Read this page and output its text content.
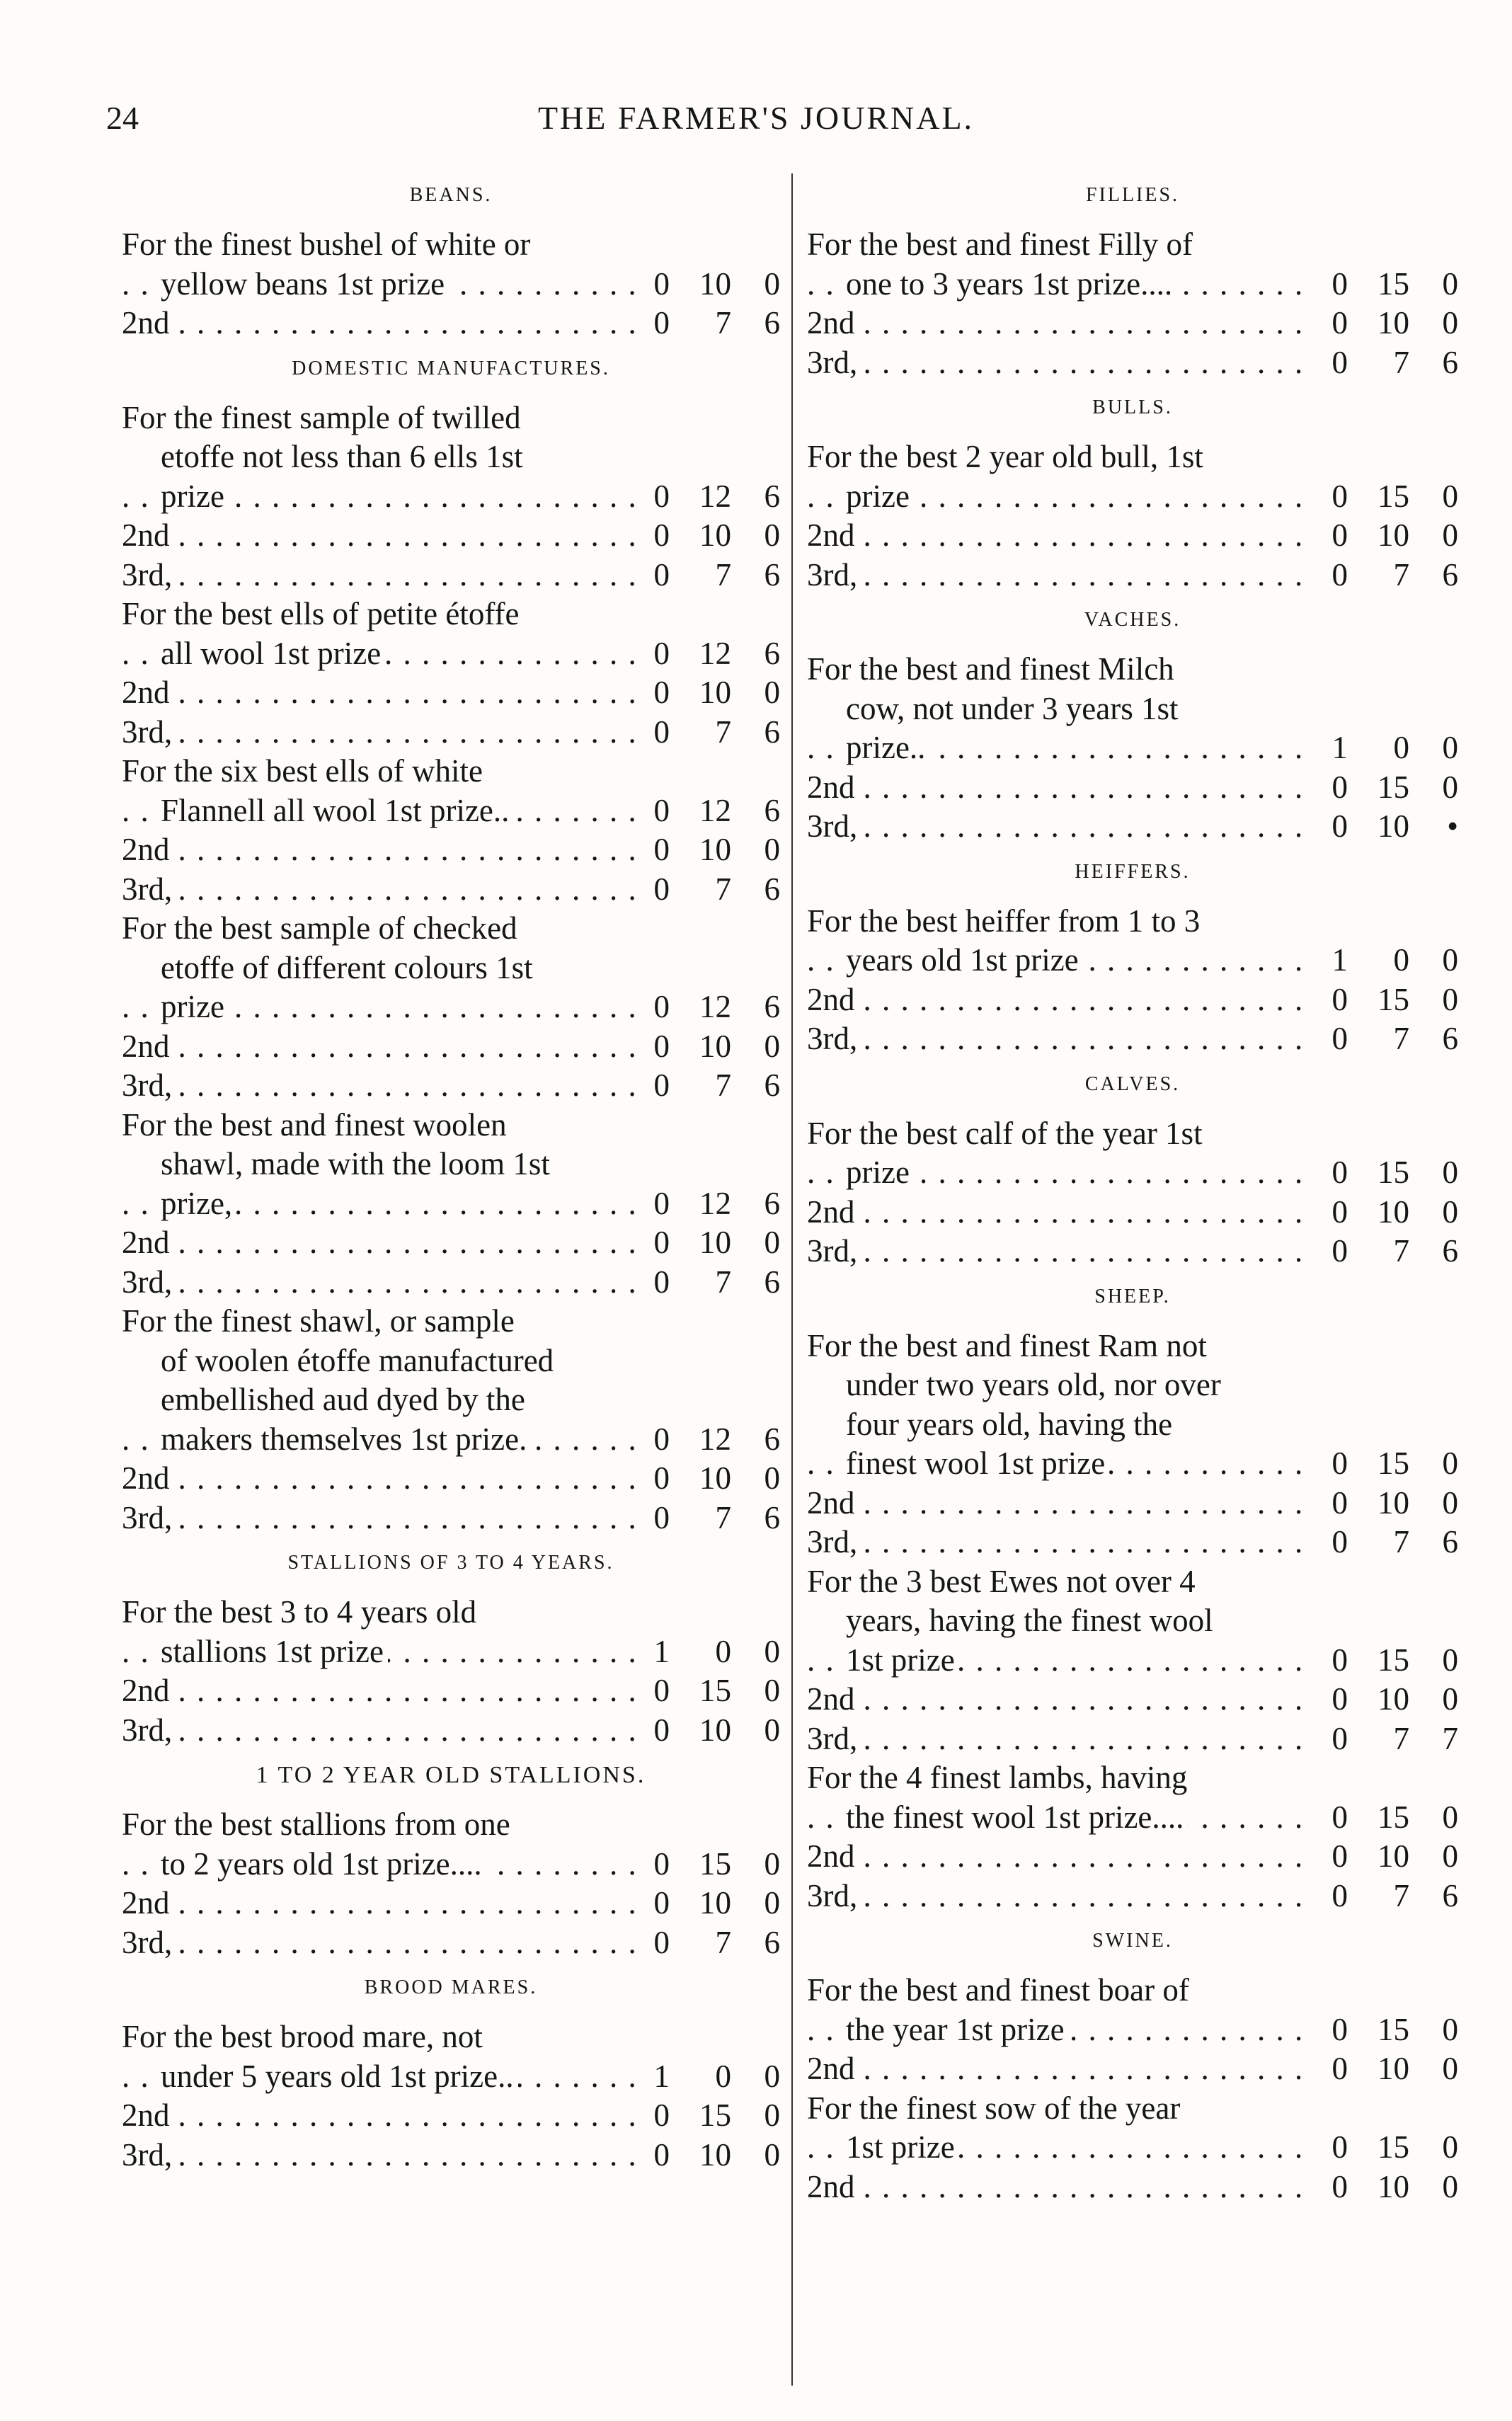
24	THE FARMER'S JOURNAL.
BEANS.
For the finest bushel of white or
yellow beans 1st prize . . .	0 10	0
2nd . . .	0	7	6
DOMESTIC MANUFACTURES.
For the finest sample of twilled
etoffe not less than 6 ells 1st
prize . . .	0 12	6
2nd . . .	0 10	0
3rd, . . .	0	7	6
For the best ells of petite étoffe
all wool 1st prize . . .	0 12	6
2nd . . .	0 10	0
3rd, . . .	0	7	6
For the six best ells of white
Flannell all wool 1st prize.. . . .	0 12	6
2nd . . .	0 10	0
3rd, . . .	0	7	6
For the best sample of checked
etoffe of different colours 1st
prize . . .	0 12	6
2nd . . .	0 10	0
3rd, . . .	0	7	6
For the best and finest woolen
shawl, made with the loom 1st
prize, . . .	0 12	6
2nd . . .	0 10	0
3rd, . . .	0	7	6
For the finest shawl, or sample
of woolen étoffe manufactured
embellished aud dyed by the
makers themselves 1st prize. . . .	0 12	6
2nd . . .	0 10	0
3rd, . . .	0	7	6
STALLIONS OF 3 TO 4 YEARS.
For the best 3 to 4 years old
stallions 1st prize . . .	1	0	0
2nd . . .	0 15	0
3rd, . . .	0 10	0
1 TO 2 YEAR OLD STALLIONS.
For the best stallions from one
to 2 years old 1st prize.... . . .	0 15	0
2nd . . .	0 10	0
3rd, . . .	0	7	6
BROOD MARES.
For the best brood mare, not
under 5 years old 1st prize.. . . .	1	0	0
2nd . . .	0 15	0
3rd, . . .	0 10	0
FILLIES.
For the best and finest Filly of
one to 3 years 1st prize.... . . .	0 15	0
2nd . . .	0 10	0
3rd, . . .	0	7	6
BULLS.
For the best 2 year old bull, 1st
prize . . .	0 15	0
2nd . . .	0 10	0
3rd, . . .	0	7	6
VACHES.
For the best and finest Milch
cow, not under 3 years 1st
prize.. . . .	1	0	0
2nd . . .	0 15	0
3rd, . . .	0 10	•
HEIFFERS.
For the best heiffer from 1 to 3
years old 1st prize . . .	1	0	0
2nd . . .	0 15	0
3rd, . . .	0	7	6
CALVES.
For the best calf of the year 1st
prize . . .	0 15	0
2nd . . .	0 10	0
3rd, . . .	0	7	6
SHEEP.
For the best and finest Ram not
under two years old, nor over
four years old, having the
finest wool 1st prize . . .	0 15	0
2nd . . .	0 10	0
3rd, . . .	0	7	6
For the 3 best Ewes not over 4
years, having the finest wool
1st prize . . .	0 15	0
2nd . . .	0 10	0
3rd, . . .	0	7	7
For the 4 finest lambs, having
the finest wool 1st prize.... . . .	0 15	0
2nd . . .	0 10	0
3rd, . . .	0	7	6
SWINE.
For the best and finest boar of
the year 1st prize . . .	0 15	0
2nd . . .	0 10	0
For the finest sow of the year
1st prize . . .	0 15	0
2nd . . .	0 10	0
